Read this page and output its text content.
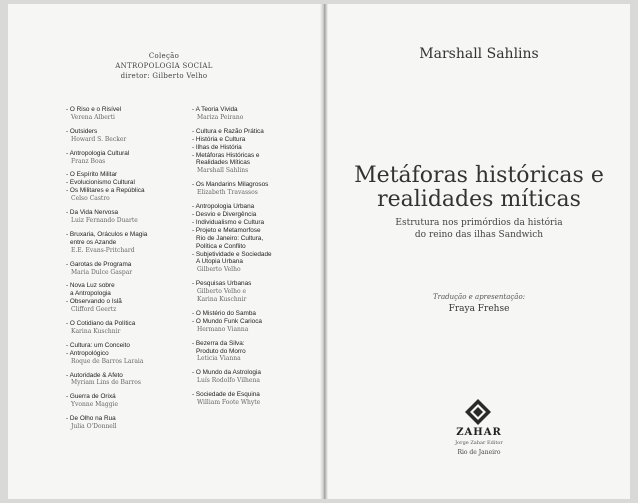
Coleção
ANTROPOLOGIA SOCIAL
diretor: Gilberto Velho
- O Riso e o Risível
Verena Alberti
- Outsiders
Howard S. Becker
- Antropologia Cultural
Franz Boas
- O Espírito Militar
- Evolucionismo Cultural
- Os Militares e a República
Celso Castro
- Da Vida Nervosa
Luiz Fernando Duarte
- Bruxaria, Oráculos e Magia
entre os Azande
E.E. Evans-Pritchard
- Garotas de Programa
Maria Dulce Gaspar
- Nova Luz sobre
a Antropologia
- Observando o Islã
Clifford Geertz
- O Cotidiano da Política
Karina Kuschnir
- Cultura: um Conceito
- Antropológico
Roque de Barros Laraia
- Autoridade & Afeto
Myriam Lins de Barros
- Guerra de Orixá
Yvonne Maggie
- De Olho na Rua
Julia O'Donnell
- A Teoria Vivida
Mariza Peirano
- Cultura e Razão Prática
- História e Cultura
- Ilhas de História
- Metáforas Históricas e
Realidades Míticas
Marshall Sahlins
- Os Mandarins Milagrosos
Elizabeth Travassos
- Antropologia Urbana
- Desvio e Divergência
- Individualismo e Cultura
- Projeto e Metamorfose
Rio de Janeiro: Cultura,
Política e Conflito
- Subjetividade e Sociedade
A Utopia Urbana
Gilberto Velho
- Pesquisas Urbanas
Gilberto Velho e
Karina Kuschnir
- O Mistério do Samba
- O Mundo Funk Carioca
Hermano Vianna
- Bezerra da Silva:
Produto do Morro
Leticia Vianna
- O Mundo da Astrologia
Luís Rodolfo Vilhena
- Sociedade de Esquina
William Foote Whyte
Marshall Sahlins
Metáforas históricas e
realidades míticas
Estrutura nos primórdios da história
do reino das ilhas Sandwich
Tradução e apresentação:
Fraya Frehse
ZAHAR
Jorge Zahar Editor
Rio de Janeiro
